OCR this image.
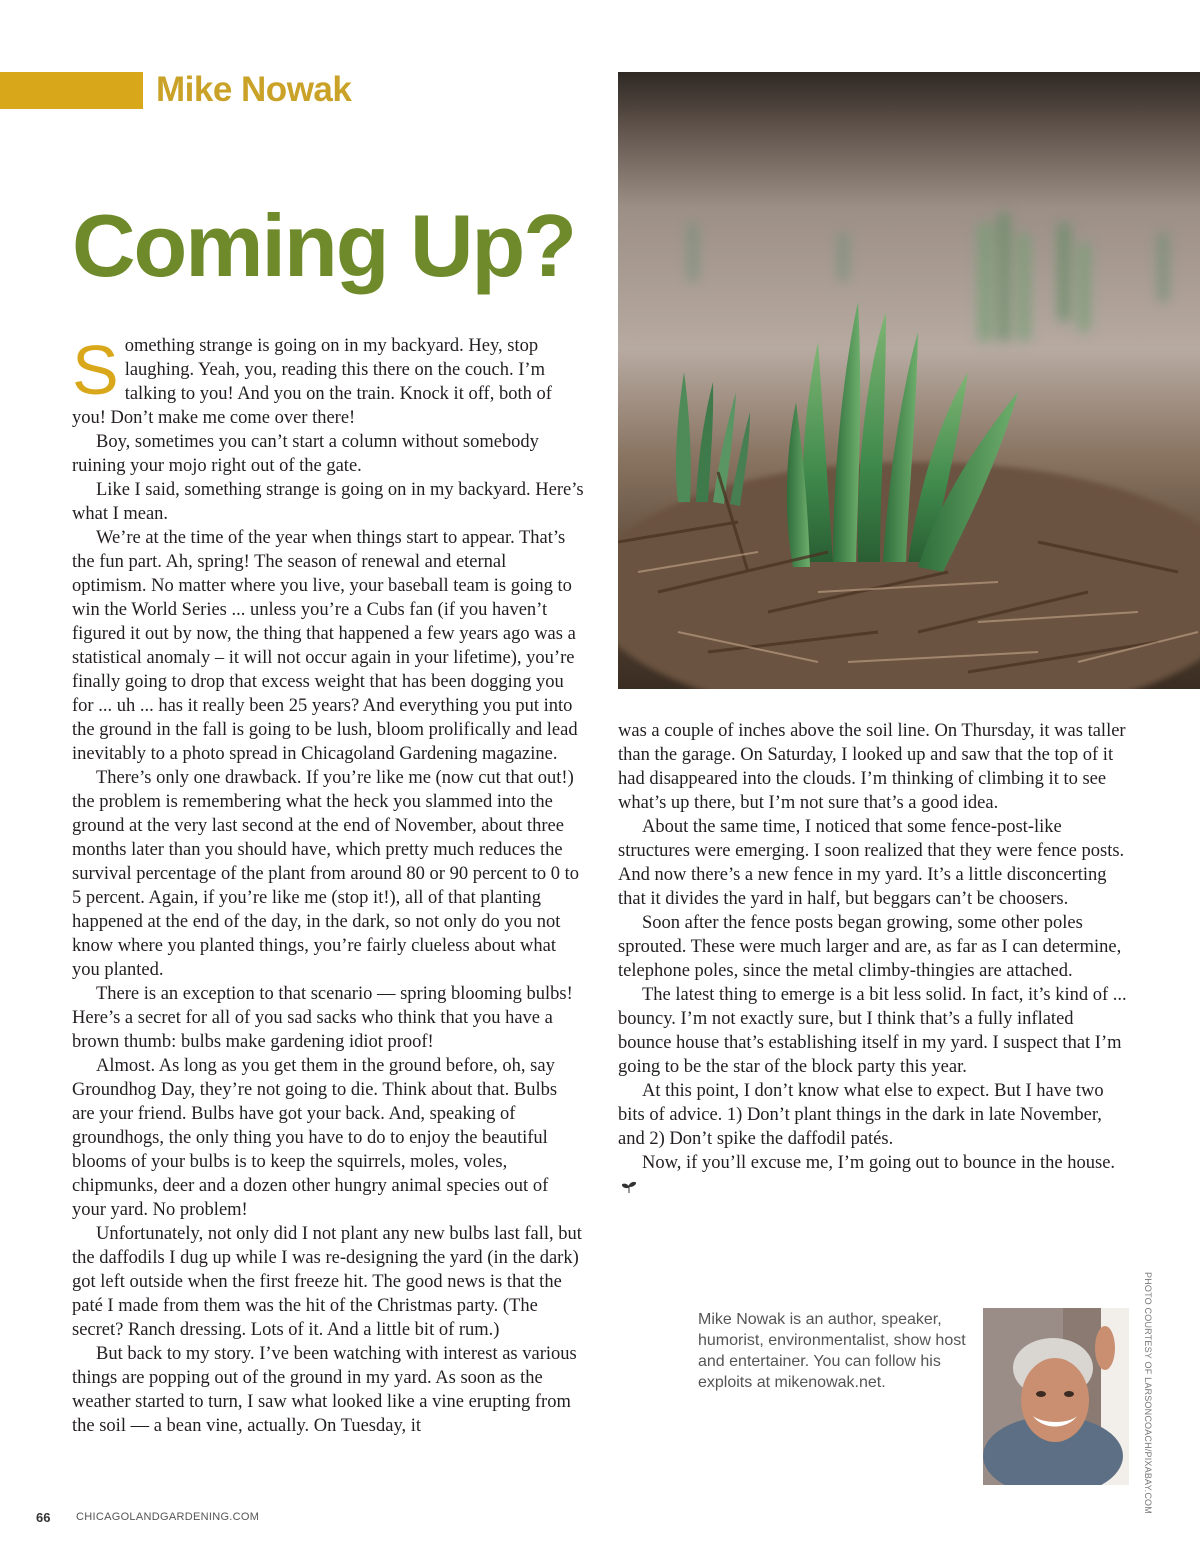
Mike Nowak
Coming Up?
S omething strange is going on in my backyard. Hey, stop laughing. Yeah, you, reading this there on the couch. I’m talking to you! And you on the train. Knock it off, both of you! Don’t make me come over there!

Boy, sometimes you can’t start a column without somebody ruining your mojo right out of the gate.

Like I said, something strange is going on in my backyard. Here’s what I mean.

We’re at the time of the year when things start to appear. That’s the fun part. Ah, spring! The season of renewal and eternal optimism. No matter where you live, your baseball team is going to win the World Series ... unless you’re a Cubs fan (if you haven’t figured it out by now, the thing that happened a few years ago was a statistical anomaly – it will not occur again in your lifetime), you’re finally going to drop that excess weight that has been dogging you for ... uh ... has it really been 25 years? And everything you put into the ground in the fall is going to be lush, bloom prolifically and lead inevitably to a photo spread in Chicagoland Gardening magazine.

There’s only one drawback. If you’re like me (now cut that out!) the problem is remembering what the heck you slammed into the ground at the very last second at the end of November, about three months later than you should have, which pretty much reduces the survival percentage of the plant from around 80 or 90 percent to 0 to 5 percent. Again, if you’re like me (stop it!), all of that planting happened at the end of the day, in the dark, so not only do you not know where you planted things, you’re fairly clueless about what you planted.

There is an exception to that scenario — spring blooming bulbs! Here’s a secret for all of you sad sacks who think that you have a brown thumb: bulbs make gardening idiot proof!

Almost. As long as you get them in the ground before, oh, say Groundhog Day, they’re not going to die. Think about that. Bulbs are your friend. Bulbs have got your back. And, speaking of groundhogs, the only thing you have to do to enjoy the beautiful blooms of your bulbs is to keep the squirrels, moles, voles, chipmunks, deer and a dozen other hungry animal species out of your yard. No problem!

Unfortunately, not only did I not plant any new bulbs last fall, but the daffodils I dug up while I was re-designing the yard (in the dark) got left outside when the first freeze hit. The good news is that the paté I made from them was the hit of the Christmas party. (The secret? Ranch dressing. Lots of it. And a little bit of rum.)

But back to my story. I’ve been watching with interest as various things are popping out of the ground in my yard. As soon as the weather started to turn, I saw what looked like a vine erupting from the soil — a bean vine, actually. On Tuesday, it

was a couple of inches above the soil line. On Thursday, it was taller than the garage. On Saturday, I looked up and saw that the top of it had disappeared into the clouds. I’m thinking of climbing it to see what’s up there, but I’m not sure that’s a good idea.

About the same time, I noticed that some fence-post-like structures were emerging. I soon realized that they were fence posts. And now there’s a new fence in my yard. It’s a little disconcerting that it divides the yard in half, but beggars can’t be choosers.

Soon after the fence posts began growing, some other poles sprouted. These were much larger and are, as far as I can determine, telephone poles, since the metal climby-thingies are attached.

The latest thing to emerge is a bit less solid. In fact, it’s kind of ... bouncy. I’m not exactly sure, but I think that’s a fully inflated bounce house that’s establishing itself in my yard. I suspect that I’m going to be the star of the block party this year.

At this point, I don’t know what else to expect. But I have two bits of advice. 1) Don’t plant things in the dark in late November, and 2) Don’t spike the daffodil patés.

Now, if you’ll excuse me, I’m going out to bounce in the house.

Mike Nowak is an author, speaker, humorist, environmentalist, show host and entertainer. You can follow his exploits at mikenowak.net.	PHOTO COURTESY OF LARSONCOACH/PIXABAY.COM
66 CHICAGOLANDGARDENING.COM
